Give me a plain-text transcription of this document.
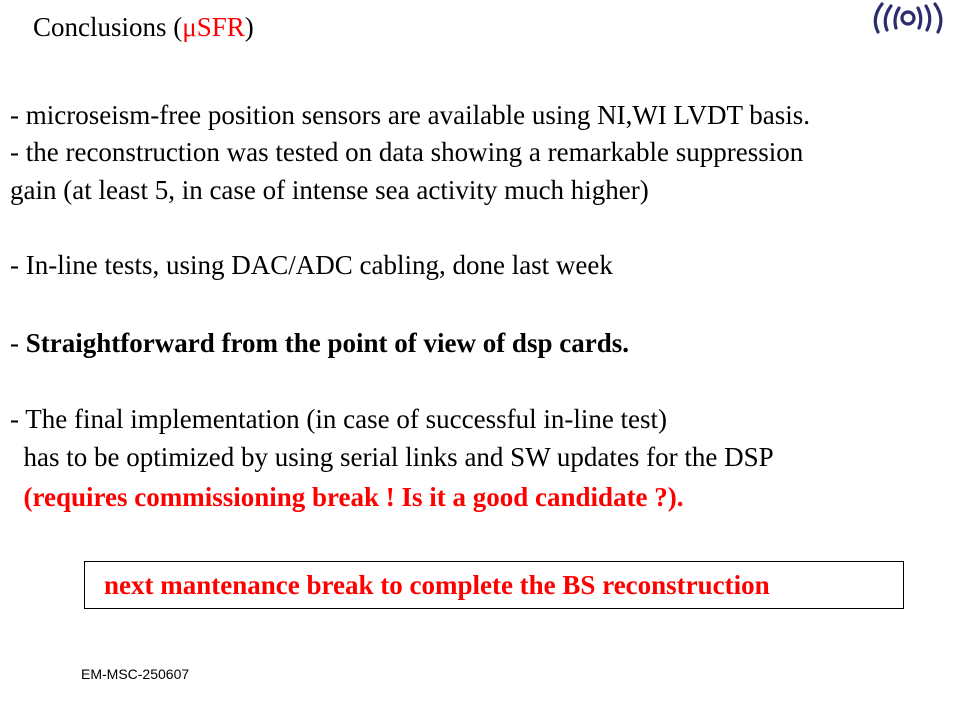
Conclusions (μSFR)
- microseism-free position sensors are available using NI,WI LVDT basis.
- the reconstruction was tested on data showing a remarkable suppression
gain (at least 5, in case of intense sea activity much higher)
- In-line tests, using DAC/ADC cabling, done last week
- Straightforward from the point of view of dsp cards.
- The final implementation (in case of successful in-line test)
has to be optimized by using serial links and SW updates for the DSP
(requires commissioning break ! Is it a good candidate ?).
next mantenance break to complete the BS reconstruction
EM-MSC-250607
